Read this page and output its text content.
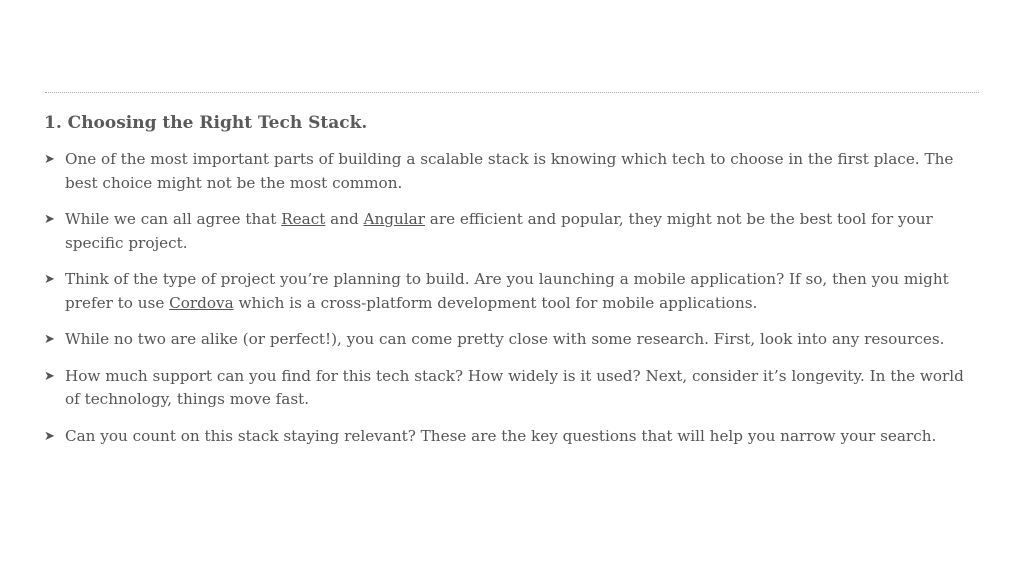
1. Choosing the Right Tech Stack.
➤ One of the most important parts of building a scalable stack is knowing which tech to choose in the first place. The best choice might not be the most common.
➤ While we can all agree that React and Angular are efficient and popular, they might not be the best tool for your specific project.
➤ Think of the type of project you’re planning to build. Are you launching a mobile application? If so, then you might prefer to use Cordova which is a cross-platform development tool for mobile applications.
➤ While no two are alike (or perfect!), you can come pretty close with some research. First, look into any resources.
➤ How much support can you find for this tech stack? How widely is it used? Next, consider it’s longevity. In the world of technology, things move fast.
➤ Can you count on this stack staying relevant? These are the key questions that will help you narrow your search.
